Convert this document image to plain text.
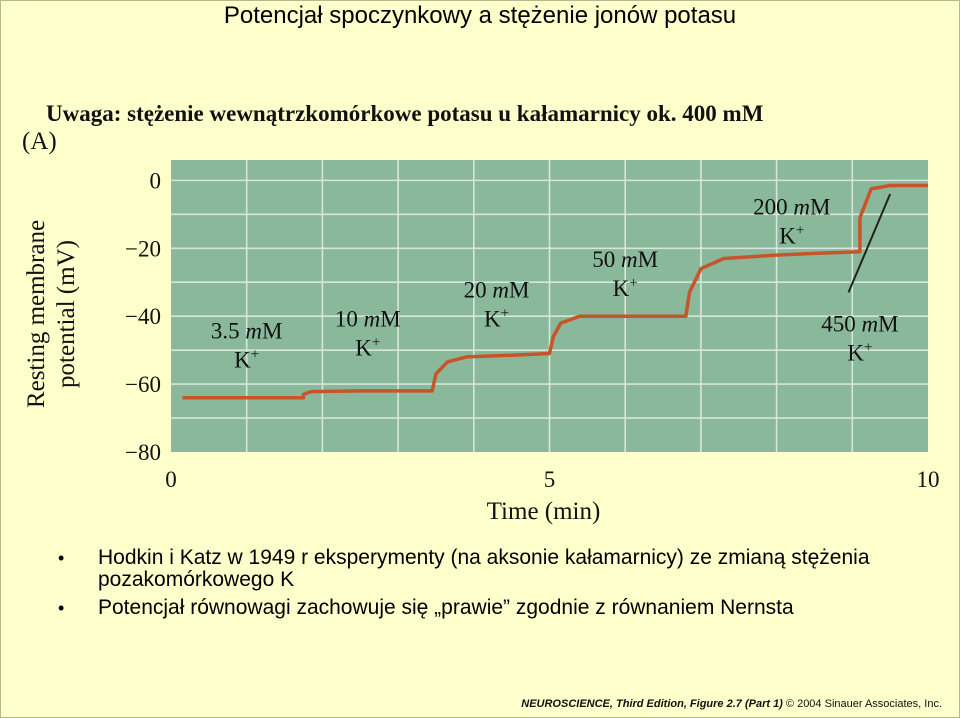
Potencjał spoczynkowy a stężenie jonów potasu
Uwaga: stężenie wewnątrzkomórkowe potasu u kałamarnicy ok. 400 mM
(A)
0
−20
−40
−60
−80
0	5	10
3.5 mM
K+
10 mM
K+
20 mM
K+
50 mM
K+
200 mM
K+
450 mM
K+
Resting membrane potential (mV)
Time (min)
• Hodkin i Katz w 1949 r eksperymenty (na aksonie kałamarnicy) ze zmianą stężenia pozakomórkowego K
• Potencjał równowagi zachowuje się „prawie” zgodnie z równaniem Nernsta
NEUROSCIENCE, Third Edition, Figure 2.7 (Part 1) © 2004 Sinauer Associates, Inc.
